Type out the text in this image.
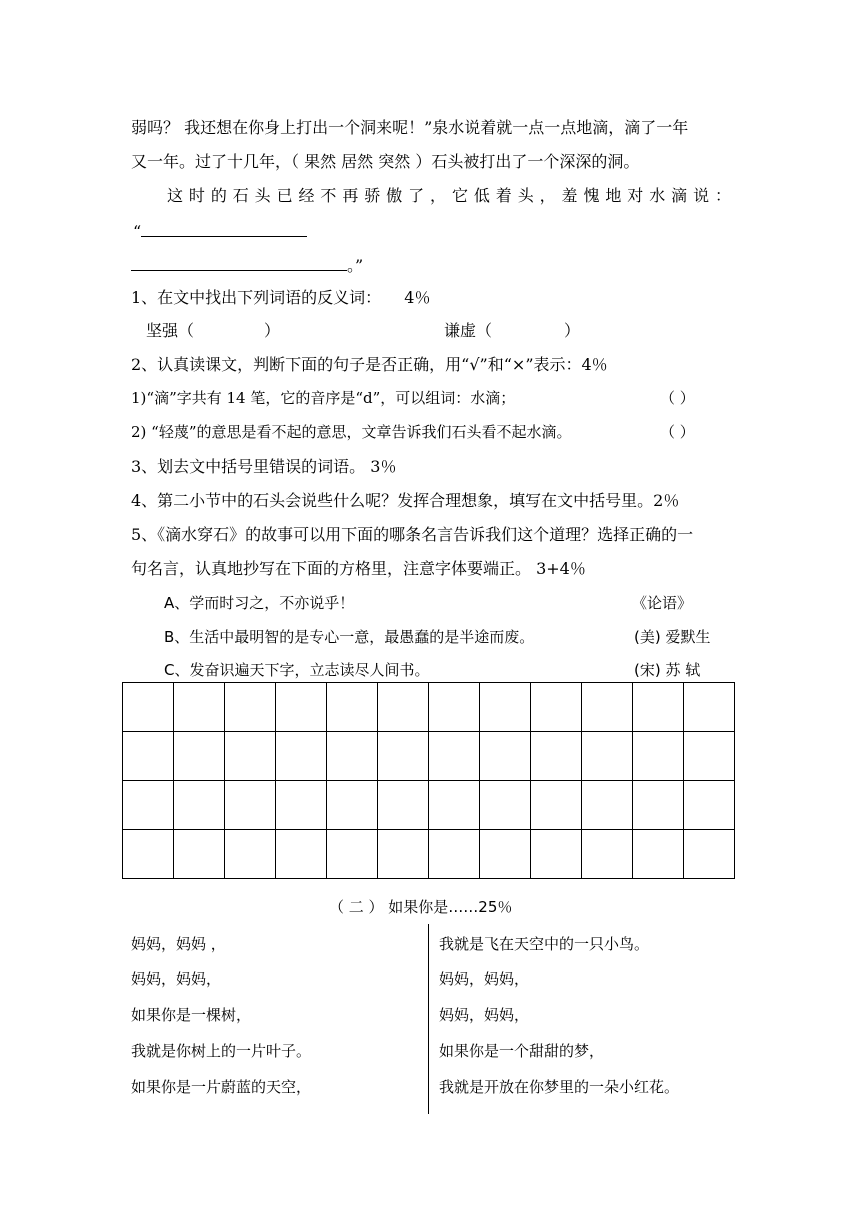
弱吗？ 我还想在你身上打出一个洞来呢！”泉水说着就一点一点地滴，滴了一年
又一年。过了十几年，（ 果然 居然 突然 ）石头被打出了一个深深的洞。
这时的石头已经不再骄傲了，它低着头，羞愧地对水滴说：
“
。”
1、在文中找出下列词语的反义词： 4％
坚强（	）	谦虚（	）
2、认真读课文，判断下面的句子是否正确，用“√”和“×”表示：4％
1)“滴”字共有 14 笔，它的音序是“d”，可以组词：水滴；	（ ）
2) “轻蔑”的意思是看不起的意思，文章告诉我们石头看不起水滴。	（ ）
3、划去文中括号里错误的词语。 3％
4、第二小节中的石头会说些什么呢？发挥合理想象，填写在文中括号里。2％
5、《滴水穿石》的故事可以用下面的哪条名言告诉我们这个道理？选择正确的一
句名言，认真地抄写在下面的方格里，注意字体要端正。 3+4％
A、学而时习之，不亦说乎！	《论语》
B、生活中最明智的是专心一意，最愚蠢的是半途而废。	(美) 爱默生
C、发奋识遍天下字，立志读尽人间书。	(宋) 苏 轼

（ 二 ） 如果你是……25％
妈妈，妈妈 ，
妈妈，妈妈，
如果你是一棵树，
我就是你树上的一片叶子。
如果你是一片蔚蓝的天空，
我就是飞在天空中的一只小鸟。
妈妈，妈妈，
妈妈，妈妈，
如果你是一个甜甜的梦，
我就是开放在你梦里的一朵小红花。
